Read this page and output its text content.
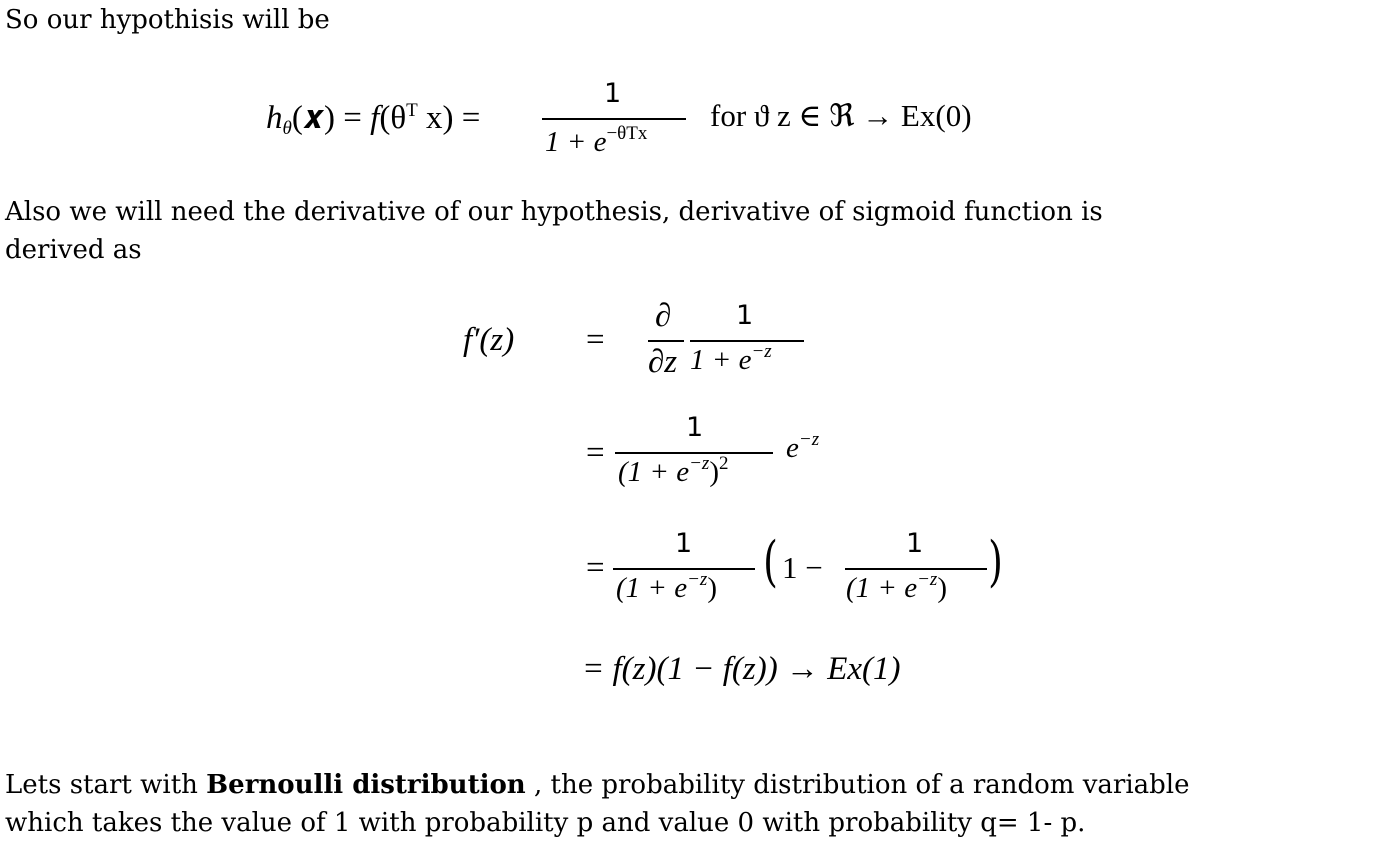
So our hypothisis will be

hθ(𝒙) = $f(\theta^T$ x) =
1
$1 + e^{-\theta Tx}$
for ϑ z ∈ ℜ → Ex(0)

Also we will need the derivative of our hypothesis, derivative of sigmoid function is
derived as

f′(z) =
∂
∂z
1
$1 + e^{-z}$
=
1
$(1 + e^{-z})^2$ $e^{-z}$
=
1
$(1 + e^{-z})$ ( 1 −
1
$(1 + e^{-z})$ )
= f(z)(1 − f(z)) → Ex(1)

Lets start with Bernoulli distribution , the probability distribution of a random variable
which takes the value of 1 with probability p and value 0 with probability q= 1- p.
